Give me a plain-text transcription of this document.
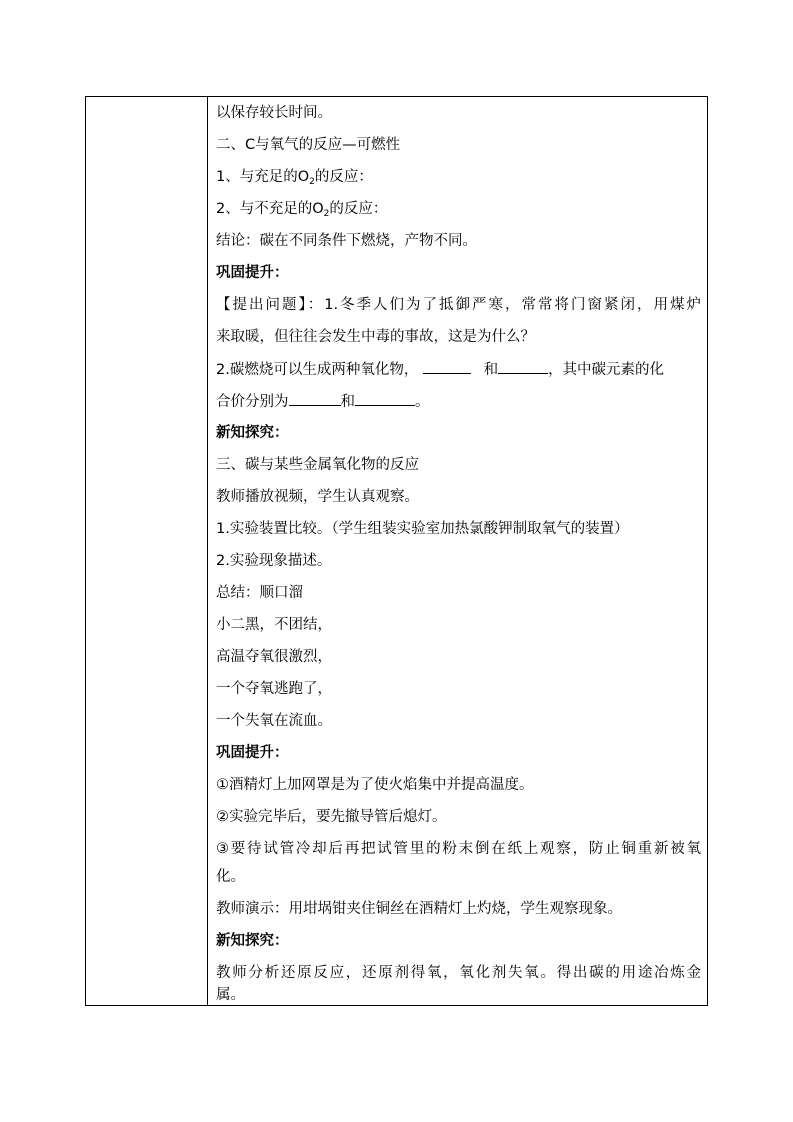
以保存较长时间。
二、C与氧气的反应—可燃性
1、与充足的$O_2$的反应：
2、与不充足的$O_2$的反应：
结论：碳在不同条件下燃烧，产物不同。
巩固提升：
【提出问题】：1.冬季人们为了抵御严寒，常常将门窗紧闭，用煤炉
来取暖，但往往会发生中毒的事故，这是为什么？
2.碳燃烧可以生成两种氧化物，	和	，其中碳元素的化
合价分别为	和	。
新知探究：
三、碳与某些金属氧化物的反应
教师播放视频，学生认真观察。
1.实验装置比较。（学生组装实验室加热氯酸钾制取氧气的装置）
2.实验现象描述。
总结：顺口溜
小二黑，不团结，
高温夺氧很激烈，
一个夺氧逃跑了，
一个失氧在流血。
巩固提升：
①酒精灯上加网罩是为了使火焰集中并提高温度。
②实验完毕后，要先撤导管后熄灯。
③要待试管冷却后再把试管里的粉末倒在纸上观察，防止铜重新被氧
化。
教师演示：用坩埚钳夹住铜丝在酒精灯上灼烧，学生观察现象。
新知探究：
教师分析还原反应，还原剂得氧，氧化剂失氧。得出碳的用途冶炼金
属。
